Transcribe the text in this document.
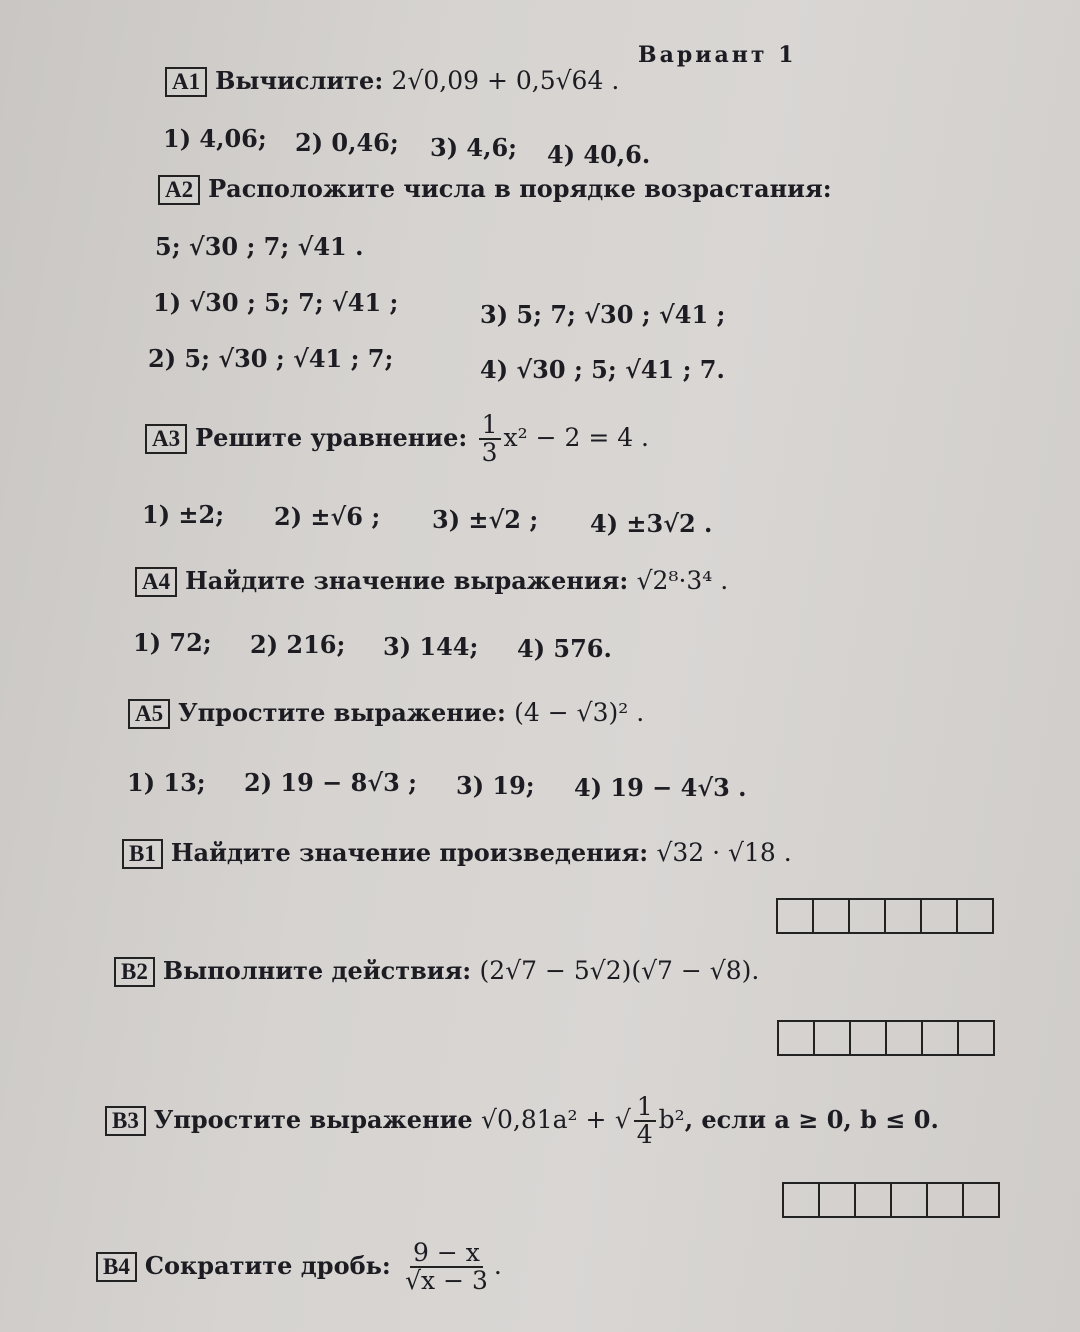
Вариант 1
A1 Вычислите: 2√0,09 + 0,5√64 .
1) 4,06; 2) 0,46; 3) 4,6; 4) 40,6.
A2 Расположите числа в порядке возрастания:
5; √30 ; 7; √41 .
1) √30 ; 5; 7; √41 ;	3) 5; 7; √30 ; √41 ;
2) 5; √30 ; √41 ; 7;	4) √30 ; 5; √41 ; 7.
A3 Решите уравнение: $\frac{1}{3} x^2 - 2 = 4$ .
1) ±2; 2) ±√6 ; 3) ±√2 ; 4) ±3√2 .
A4 Найдите значение выражения: √2⁸·3⁴ .
1) 72; 2) 216; 3) 144; 4) 576.
A5 Упростите выражение: (4 − √3)² .
1) 13; 2) 19 − 8√3 ; 3) 19; 4) 19 − 4√3 .
B1 Найдите значение произведения: √32 · √18 .
B2 Выполните действия: (2√7 − 5√2)(√7 − √8).
B3 Упростите выражение √0,81a² + √ $\frac{1}{4} b^2$, если a ≥ 0, b ≤ 0.
B4 Сократите дробь: $\frac{9 - x}{√x - 3}$ .
